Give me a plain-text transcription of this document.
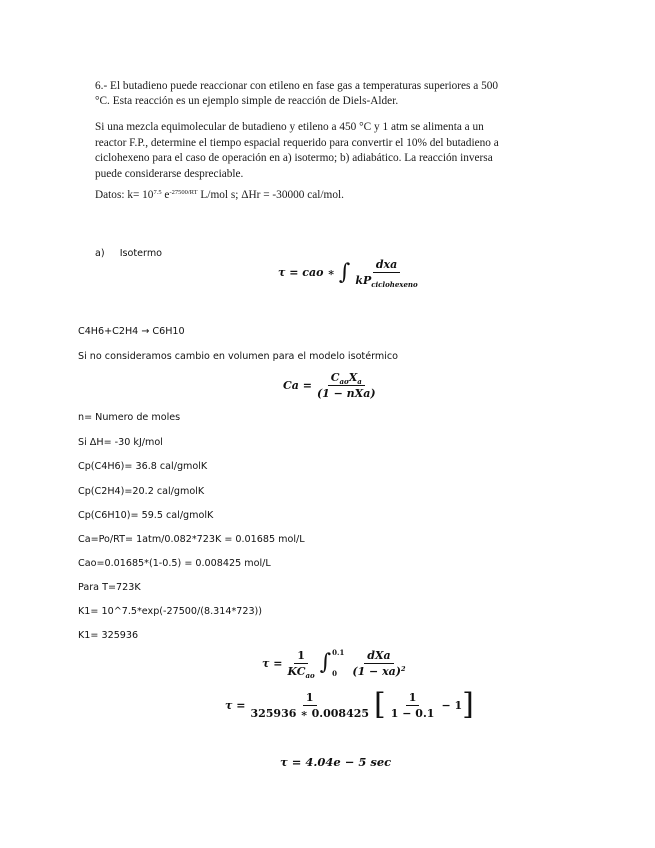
6.- El butadieno puede reaccionar con etileno en fase gas a temperaturas superiores a 500
°C. Esta reacción es un ejemplo simple de reacción de Diels-Alder.
Si una mezcla equimolecular de butadieno y etileno a 450 °C y 1 atm se alimenta a un reactor F.P., determine el tiempo espacial requerido para convertir el 10% del butadieno a ciclohexeno para el caso de operación en a) isotermo; b) adiabático. La reacción inversa puede considerarse despreciable.
Datos: $k= 10^{7.5}$ $e^{-27500/RT}$ L/mol s; ΔHr = -30000 cal/mol.
a) Isotermo
τ = cao ∗ ∫ $\frac{\text{dxa}}{kP_{ciclohexeno}}$
C4H6+C2H4 → C6H10
Si no consideramos cambio en volumen para el modelo isotérmico
$Ca = \frac{C_{ao}X_a}{\text{(1 − nXa)}}$
n= Numero de moles
Si ΔH= -30 kJ/mol
Cp(C4H6)= 36.8 cal/gmolK
Cp(C2H4)=20.2 cal/gmolK
Cp(C6H10)= 59.5 cal/gmolK
Ca=Po/RT= 1atm/0.082*723K = 0.01685 mol/L
Cao=0.01685*(1-0.5) = 0.008425 mol/L
Para T=723K
K1= 10^7.5*exp(-27500/(8.314*723))
K1= 325936
$\tau = \frac{1}{KC_{ao}}$ ∫ 0.1
0	$\frac{\text{dXa}}{(1 - xa)^2}$
$\tau = \frac{1}{325936 ∗ 0.008425}$ [ $\frac{1}{1 - 0.1} - 1$ ]
τ = 4.04e − 5 sec
